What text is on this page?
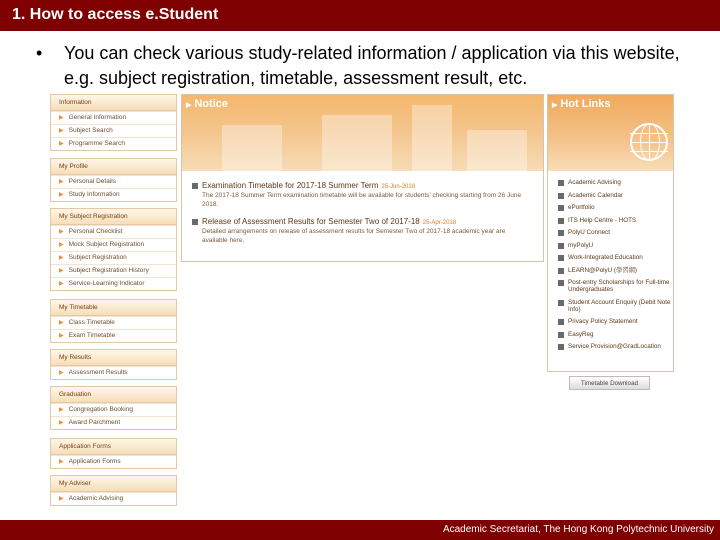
1. How to access e.Student
• You can check various study-related information / application via this website, e.g. subject registration, timetable, assessment result, etc.
Information
▶ General Information
▶ Subject Search
▶ Programme Search
My Profile
▶ Personal Details
▶ Study Information
My Subject Registration
▶ Personal Checklist
▶ Mock Subject Registration
▶ Subject Registration
▶ Subject Registration History
▶ Service-Learning Indicator
My Timetable
▶ Class Timetable
▶ Exam Timetable
My Results
▶ Assessment Results
Graduation
▶ Congregation Booking
▶ Award Parchment
Application Forms
▶ Application Forms
My Adviser
▶ Academic Advising
▶ Notice
Examination Timetable for 2017-18 Summer Term 25-Jun-2018
The 2017-18 Summer Term examination timetable will be available for students' checking starting from 26 June 2018.
Release of Assessment Results for Semester Two of 2017-18 25-Apr-2018
Detailed arrangements on release of assessment results for Semester Two of 2017-18 academic year are available here.
▶ Hot Links
Academic Advising
Academic Calendar
ePortfolio
ITS Help Centre - HOTS
PolyU Connect
myPolyU
Work-Integrated Education
LEARN@PolyU (學習網)
Post-entry Scholarships for Full-time Undergraduates
Student Account Enquiry (Debit Note Info)
Privacy Policy Statement
EasyReg
Service Provision@GradLocation
Timetable Download
Academic Secretariat, The Hong Kong Polytechnic University
